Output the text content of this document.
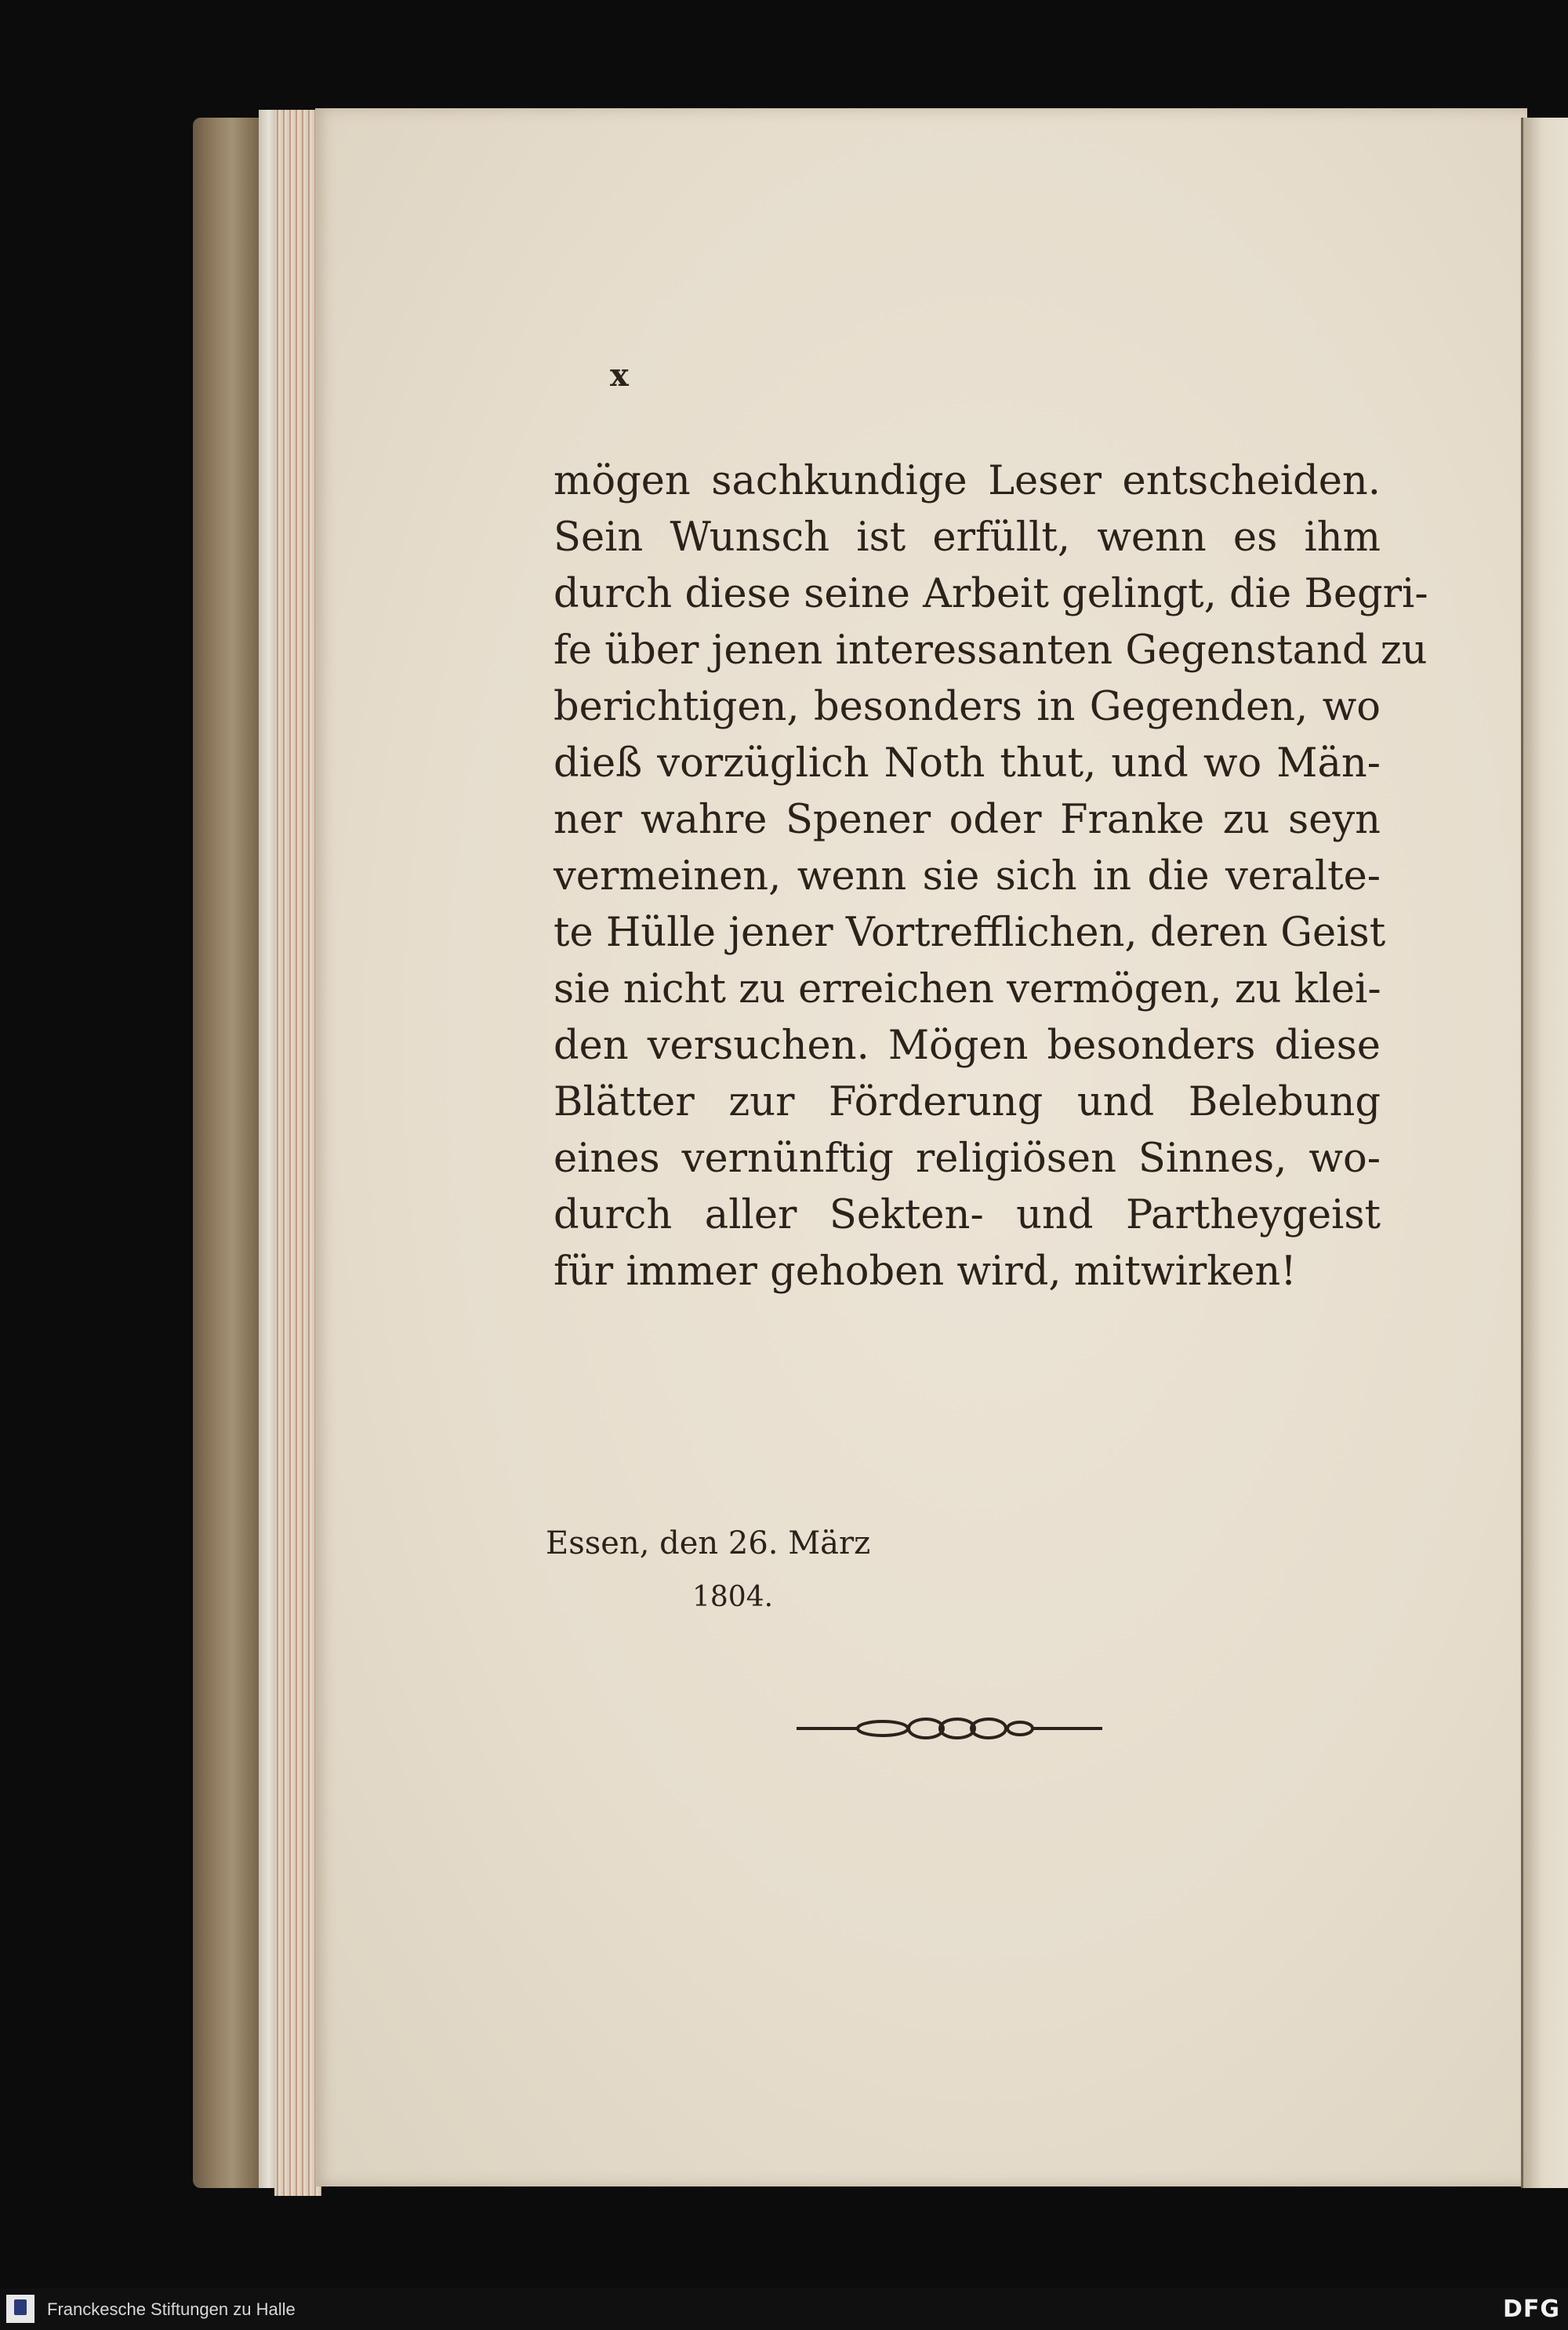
x
mögen sachkundige Leser entscheiden.
Sein Wunsch ist erfüllt, wenn es ihm
durch diese seine Arbeit gelingt, die Begri-
fe über jenen interessanten Gegenstand zu
berichtigen, besonders in Gegenden, wo
dieß vorzüglich Noth thut, und wo Män-
ner wahre Spener oder Franke zu seyn
vermeinen, wenn sie sich in die veralte-
te Hülle jener Vortrefflichen, deren Geist
sie nicht zu erreichen vermögen, zu klei-
den versuchen. Mögen besonders diese
Blätter zur Förderung und Belebung
eines vernünftig religiösen Sinnes, wo-
durch aller Sekten- und Partheygeist
für immer gehoben wird, mitwirken!
Essen, den 26. März
1804.
Franckesche Stiftungen zu Halle	DFG
